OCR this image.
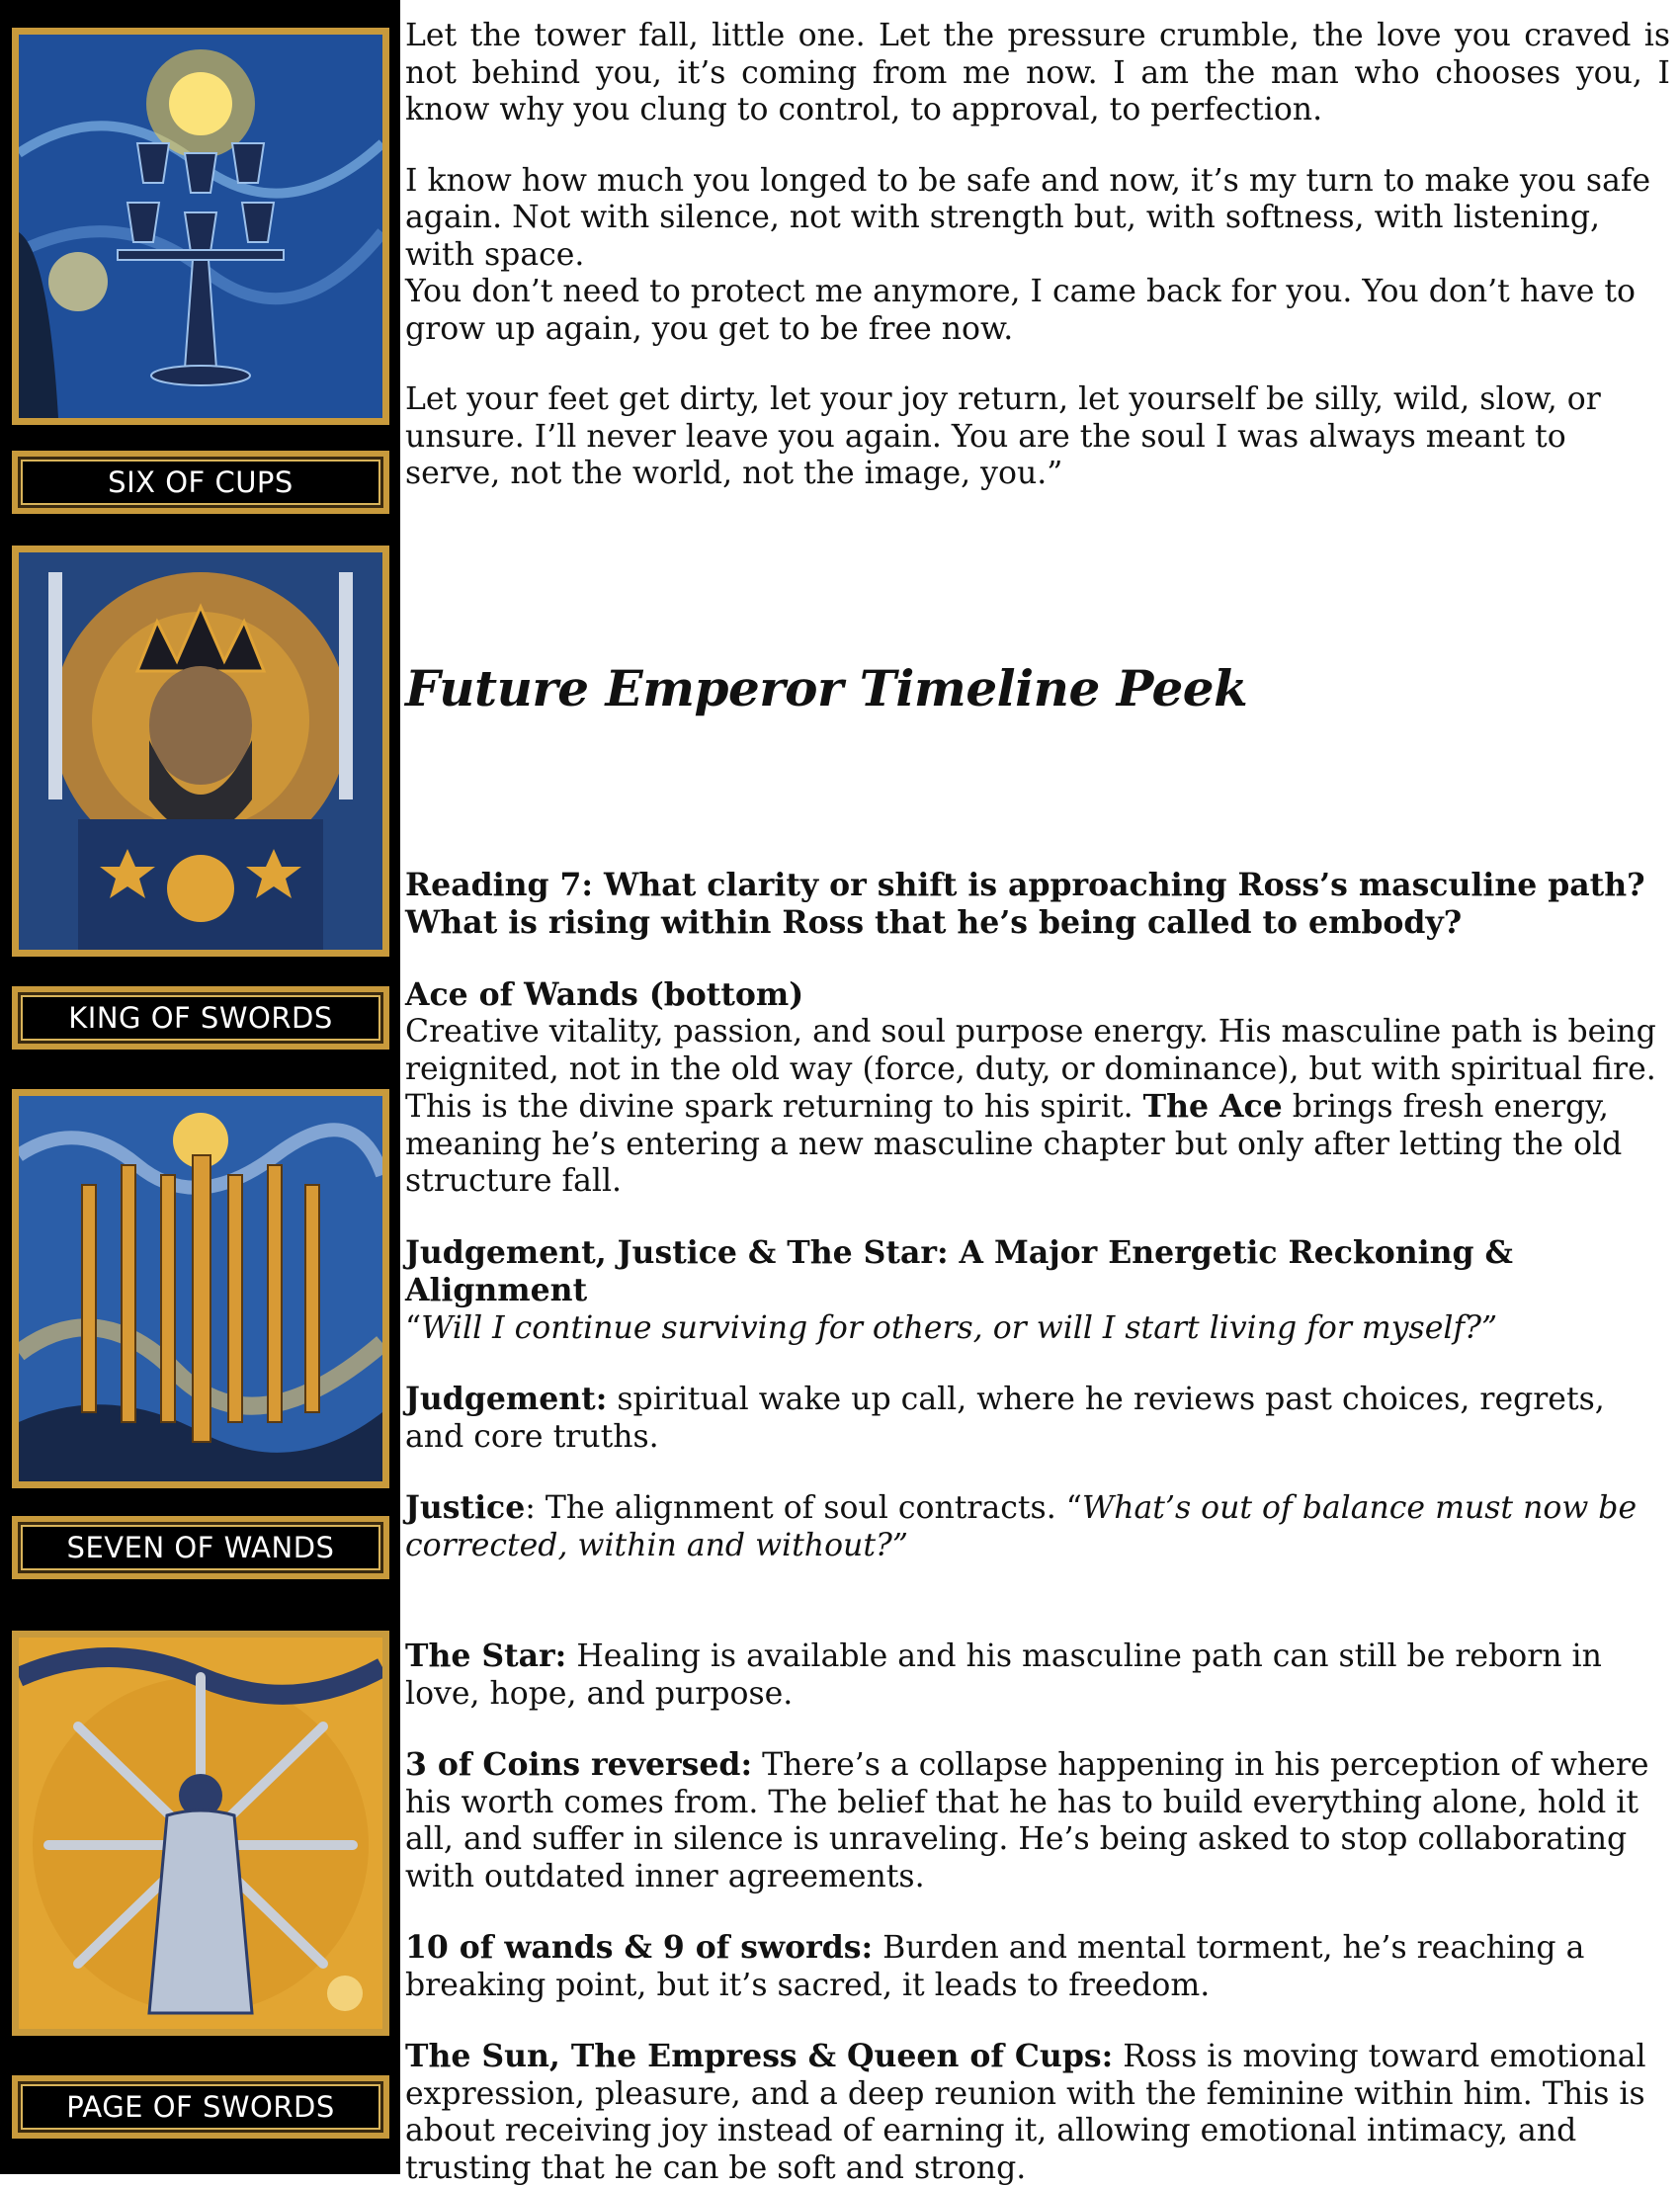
SIX OF CUPS
KING OF SWORDS
SEVEN OF WANDS
PAGE OF SWORDS

Let the tower fall, little one. Let the pressure crumble, the love you craved is not behind you, it’s coming from me now. I am the man who chooses you, I know why you clung to control, to approval, to perfection.

I know how much you longed to be safe and now, it’s my turn to make you safe again. Not with silence, not with strength but, with softness, with listening, with space.

You don’t need to protect me anymore, I came back for you. You don’t have to grow up again, you get to be free now.

Let your feet get dirty, let your joy return, let yourself be silly, wild, slow, or unsure. I’ll never leave you again. You are the soul I was always meant to serve, not the world, not the image, you.”

Future Emperor Timeline Peek

Reading 7: What clarity or shift is approaching Ross’s masculine path?
What is rising within Ross that he’s being called to embody?

Ace of Wands (bottom)

Creative vitality, passion, and soul purpose energy. His masculine path is being reignited, not in the old way (force, duty, or dominance), but with spiritual fire. This is the divine spark returning to his spirit. The Ace brings fresh energy, meaning he’s entering a new masculine chapter but only after letting the old structure fall.

Judgement, Justice & The Star: A Major Energetic Reckoning & Alignment

“Will I continue surviving for others, or will I start living for myself?”

Judgement: spiritual wake up call, where he reviews past choices, regrets, and core truths.

Justice: The alignment of soul contracts. “What’s out of balance must now be corrected, within and without?”

The Star: Healing is available and his masculine path can still be reborn in love, hope, and purpose.

3 of Coins reversed: There’s a collapse happening in his perception of where his worth comes from. The belief that he has to build everything alone, hold it all, and suffer in silence is unraveling. He’s being asked to stop collaborating with outdated inner agreements.

10 of wands & 9 of swords: Burden and mental torment, he’s reaching a breaking point, but it’s sacred, it leads to freedom.

The Sun, The Empress & Queen of Cups: Ross is moving toward emotional expression, pleasure, and a deep reunion with the feminine within him. This is about receiving joy instead of earning it, allowing emotional intimacy, and trusting that he can be soft and strong.
